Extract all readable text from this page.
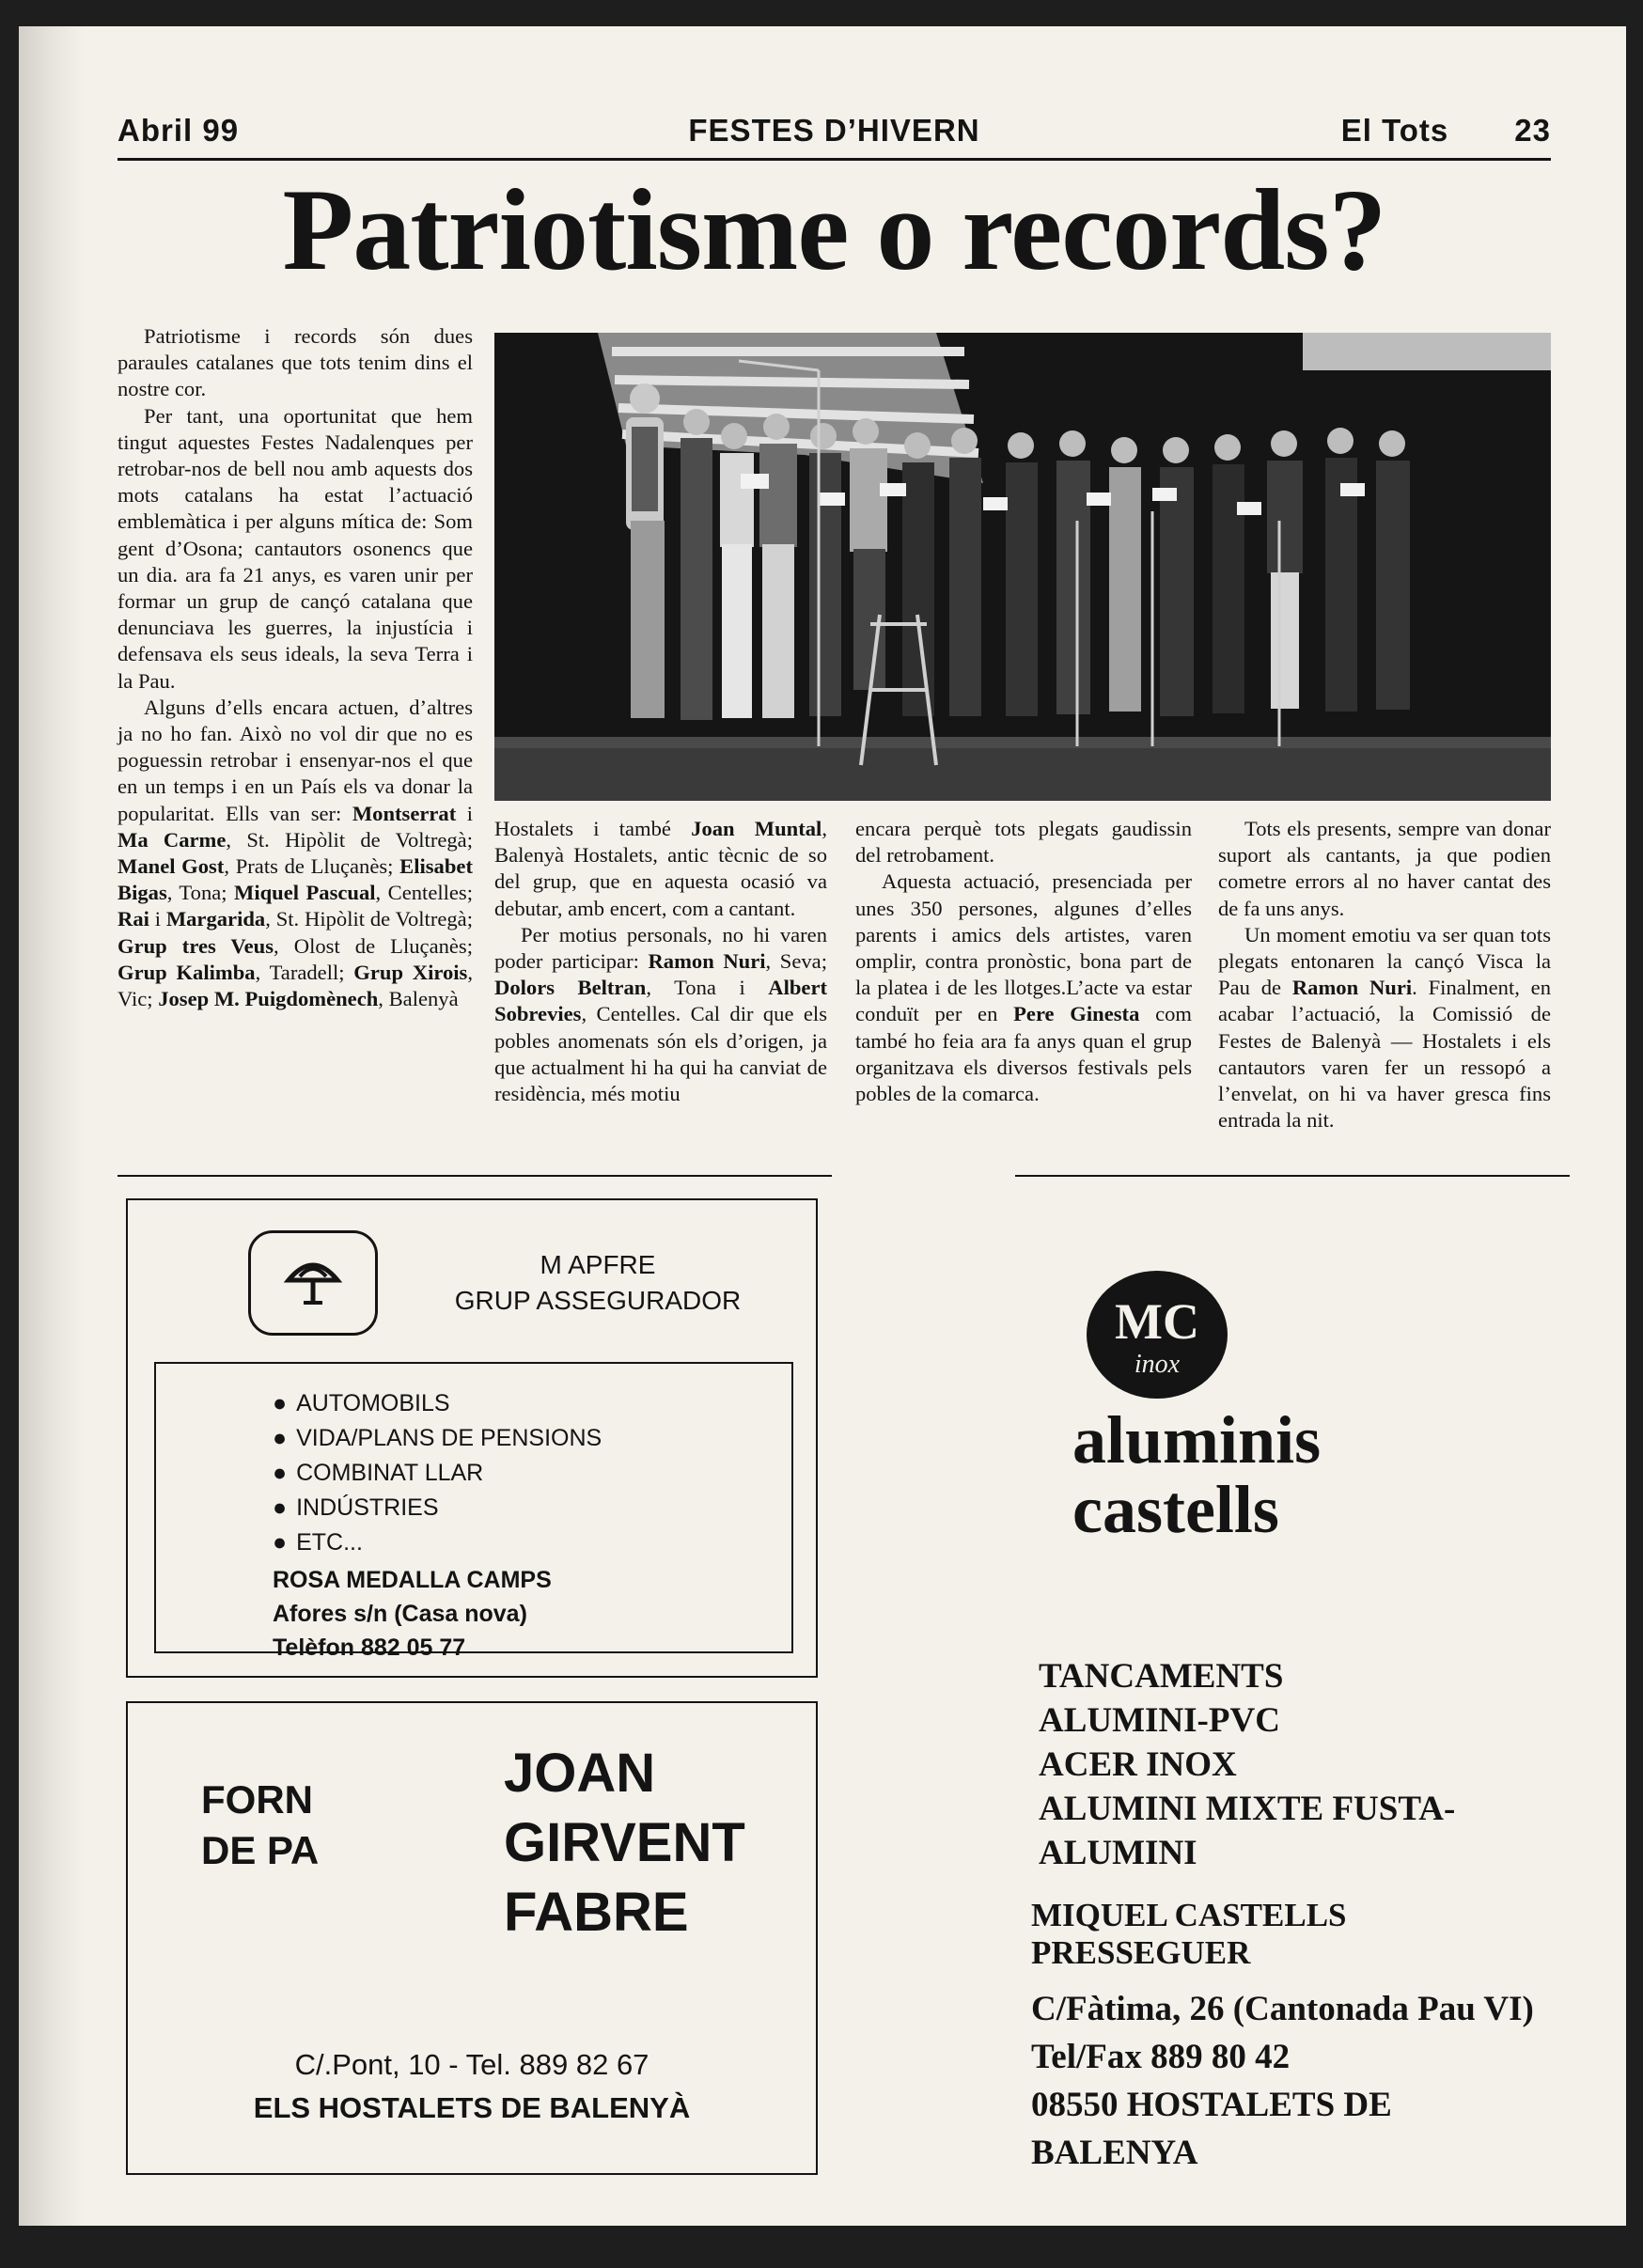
Abril 99	FESTES D’HIVERN	El Tots 23
Patriotisme o records?

Patriotisme i records són dues paraules catalanes que tots tenim dins el nostre cor.

Per tant, una oportunitat que hem tingut aquestes Festes Nadalenques per retrobar-nos de bell nou amb aquests dos mots catalans ha estat l’actuació emblemàtica i per alguns mítica de: Som gent d’Osona; cantautors osonencs que un dia. ara fa 21 anys, es varen unir per formar un grup de cançó catalana que denunciava les guerres, la injustícia i defensava els seus ideals, la seva Terra i la Pau.

Alguns d’ells encara actuen, d’altres ja no ho fan. Això no vol dir que no es poguessin retrobar i ensenyar-nos el que en un temps i en un País els va donar la popularitat. Ells van ser: Montserrat i Ma Carme, St. Hipòlit de Voltregà; Manel Gost, Prats de Lluçanès; Elisabet Bigas, Tona; Miquel Pascual, Centelles; Rai i Margarida, St. Hipòlit de Voltregà; Grup tres Veus, Olost de Lluçanès; Grup Kalimba, Taradell; Grup Xirois, Vic; Josep M. Puigdomènech, Balenyà

Hostalets i també Joan Muntal, Balenyà Hostalets, antic tècnic de so del grup, que en aquesta ocasió va debutar, amb encert, com a cantant.

Per motius personals, no hi varen poder participar: Ramon Nuri, Seva; Dolors Beltran, Tona i Albert Sobrevies, Centelles. Cal dir que els pobles anomenats són els d’origen, ja que actualment hi ha qui ha canviat de residència, més motiu

encara perquè tots plegats gaudissin del retrobament.

Aquesta actuació, presenciada per unes 350 persones, algunes d’elles parents i amics dels artistes, varen omplir, contra pronòstic, bona part de la platea i de les llotges.L’acte va estar conduït per en Pere Ginesta com també ho feia ara fa anys quan el grup organitzava els diversos festivals pels pobles de la comarca.

Tots els presents, sempre van donar suport als cantants, ja que podien cometre errors al no haver cantat des de fa uns anys.

Un moment emotiu va ser quan tots plegats entonaren la cançó Visca la Pau de Ramon Nuri. Finalment, en acabar l’actuació, la Comissió de Festes de Balenyà — Hostalets i els cantautors varen fer un ressopó a l’envelat, on hi va haver gresca fins entrada la nit.

M APFRE
GRUP ASSEGURADOR
● AUTOMOBILS
● VIDA/PLANS DE PENSIONS
● COMBINAT LLAR
● INDÚSTRIES
● ETC...
ROSA MEDALLA CAMPS
Afores s/n (Casa nova)
Telèfon 882 05 77
FORN
DE PA
JOAN
GIRVENT
FABRE
C/.Pont, 10 - Tel. 889 82 67
ELS HOSTALETS DE BALENYÀ
MC
inox
aluminis
castells
TANCAMENTS
ALUMINI-PVC
ACER INOX
ALUMINI MIXTE FUSTA-ALUMINI
MIQUEL CASTELLS PRESSEGUER
C/Fàtima, 26 (Cantonada Pau VI)
Tel/Fax 889 80 42
08550 HOSTALETS DE BALENYA
